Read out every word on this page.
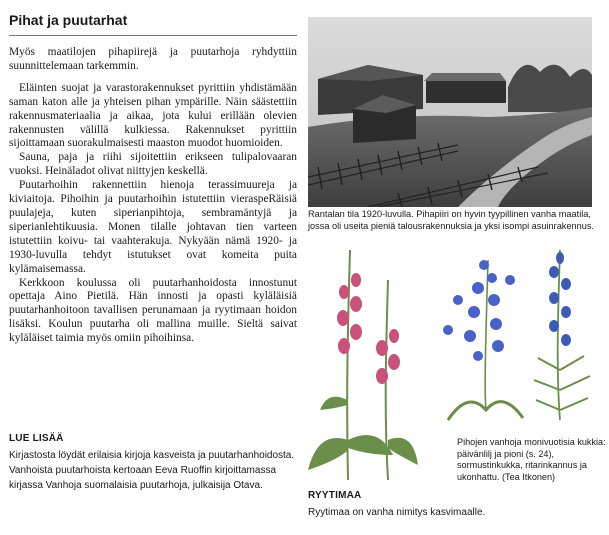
Pihat ja puutarhat

Myös maatilojen pihapiirejä ja puutarhoja ryhdyttiin suunnittelemaan tarkemmin.

Eläinten suojat ja varastorakennukset pyrittiin yhdistämään saman katon alle ja yhteisen pihan ympärille. Näin säästettiin rakennusmateriaalia ja aikaa, jota kului erillään olevien rakennusten välillä kulkiessa. Rakennukset pyrittiin sijoittamaan suorakulmaisesti maaston muodot huomioiden.

Sauna, paja ja riihi sijoitettiin erikseen tulipalovaaran vuoksi. Heinäladot olivat niittyjen keskellä.

Puutarhoihin rakennettiin hienoja terassimuureja ja kiviaitoja. Pihoihin ja puutarhoihin istutettiin vieraspeRäisiä puulajeja, kuten siperianpihtoja, sembramäntyjä ja siperianlehtikuusia. Monen tilalle johtavan tien varteen istutettiin koivu- tai vaahterakuja. Nykyään nämä 1920- ja 1930-luvulla tehdyt istutukset ovat komeita puita kylämaisemassa.

Kerkkoon koulussa oli puutarhanhoidosta innostunut opettaja Aino Pietilä. Hän innosti ja opasti kyläläisiä puutarhanhoitoon tavallisen perunamaan ja ryytimaan hoidon lisäksi. Koulun puutarha oli mallina muille. Sieltä saivat kyläläiset taimia myös omiin pihoihinsa.

LUE LISÄÄ
Kirjastosta löydät erilaisia kirjoja kasveista ja puutarhanhoidosta. Vanhoista puutarhoista kertoaan Eeva Ruoffin kirjoittamassa kirjassa Vanhoja suomalaisia puutarhoja, julkaisija Otava.
Rantalan tila 1920-luvulla. Pihapiiri on hyvin tyypillinen vanha maatila, jossa oli useita pieniä talousrakennuksia ja yksi isompi asuinrakennus.
Pihojen vanhoja monivuotisia kukkia: päivänlilj ja pioni (s. 24), sormustinkukka, ritarinkannus ja ukonhattu. (Tea Itkonen)
RYYTIMAA
Ryytimaa on vanha nimitys kasvimaalle.
